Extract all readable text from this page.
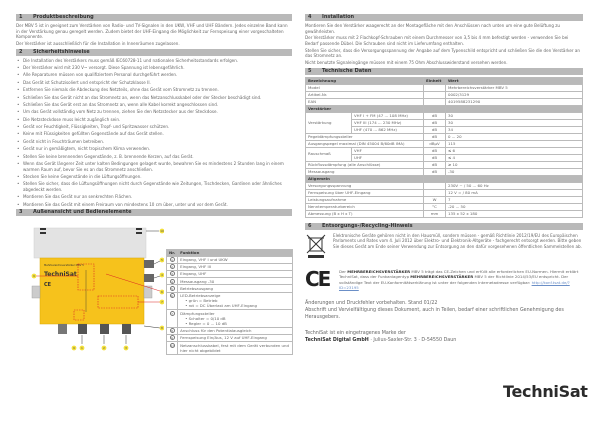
1 Produktbeschreibung

Der MBV 5 ist in geeignet zum Verstärken von Radio- und TV-Signalen in den UKW, VHF und UHF Bändern. Jedes einzelne Band kann in der Verstärkung genau geregelt werden. Zudem bietet der UHF-Eingang die Möglichkeit zur Fernspeisung einer vorgeschalteten Komponente.

Der Verstärker ist ausschließlich für die Installation in Innenräumen zugelassen.

2 Sicherheitshinweise
• Die Installation des Verstärkers muss gemäß IEC60728-11 und nationalen Sicherheitsstandards erfolgen.
• Der Verstärker wird mit 230 V~ versorgt. Diese Spannung ist lebensgefährlich.
• Alle Reparaturen müssen von qualifiziertem Personal durchgeführt werden.
• Das Gerät ist Schutzisoliert und entspricht der Schutzklasse II.
• Entfernen Sie niemals die Abdeckung des Netzteils, ohne das Gerät vom Stromnetz zu trennen.
• Schließen Sie das Gerät nicht an das Stromnetz an, wenn das Netzanschlusskabel oder der Stecker beschädigt sind.
• Schließen Sie das Gerät erst an das Stromnetz an, wenn alle Kabel korrekt angeschlossen sind.
• Um das Gerät vollständig vom Netz zu trennen, ziehen Sie den Netzstecker aus der Steckdose.
• Die Netzsteckdose muss leicht zugänglich sein.
• Gerät vor Feuchtigkeit, Flüssigkeiten, Tropf- und Spritzwasser schützen.
• Keine mit Flüssigkeiten gefüllten Gegenstände auf das Gerät stellen.
• Gerät nicht in Feuchträumen betreiben.
• Gerät nur in gemäßigtem, nicht tropischem Klima verwenden.
• Stellen Sie keine brennenden Gegenstände, z. B. brennende Kerzen, auf das Gerät.
• Wenn das Gerät längerer Zeit unter kalten Bedingungen gelagert wurde, bewahren Sie es mindestens 2 Stunden lang in einem warmen Raum auf, bevor Sie es an das Stromnetz anschließen.
• Stecken Sie keine Gegenstände in die Lüftungsöffnungen.
• Stellen Sie sicher, dass die Lüftungsöffnungen nicht durch Gegenstände wie Zeitungen, Tischdecken, Gardinen oder ähnliches abgedeckt werden.
• Montieren Sie das Gerät nur an senkrechten Flächen.
• Montieren Sie das Gerät mit einem Freiraum von mindestens 10 cm über, unter und vor dem Gerät.
3 Außenansicht und Bedienelemente
Mehrbereichsverstärker MBV 5
TechniSat
CE
10
5
4
6
7
8
9
1	2	3
9
Nr.	Funktion
1	Eingang, VHF I und UKW

2	Eingang, VHF III

3	Eingang, UHF

4	Messausgang -30

5	Betriebsausgang

6	LED-Betriebsanzeige
• grün = Betrieb
• rot = DC Überlast am UHF-Eingang

7	Dämpfungssteller
• Schalter = 0/10 dB
• Regler = 0 ... 10 dB

8	Anschluss für den Potentialausgleich

9	Fernspeisung Ein/Aus, 12 V auf UHF-Eingang

10	Netzanschlusskabel, fest mit dem Gerät verbunden und hier nicht abgebildet
4 Installation

Montieren Sie den Verstärker waagerecht an der Montagefläche mit den Anschlüssen nach unten um eine gute Belüftung zu gewährleisten.

Der Verstärker muss mit 2 Flachkopf-Schrauben mit einem Durchmesser von 3,5 bis 4 mm befestigt werden - verwenden Sie bei Bedarf passende Dübel. Die Schrauben sind nicht im Lieferumfang enthalten.

Stellen Sie sicher, dass die Versorgungsspannung der Angabe auf dem Typenschild entspricht und schließen Sie die den Verstärker an das Stromnetz an.

Nicht benutzte Signaleingänge müssen mit einem 75 Ohm Abschlusswiderstand versehen werden.

5 Technische Daten
Bezeichnung		Einheit	Wert
Model			Mehrbereichsverstärker MBV 5
Artikel-Nr.			0002/3129
EAN			4019588231290
Verstärker			
Verstärkung	VHF I + FM (47 ... 108 MHz)	dB	30
	VHF III (174 ... 230 MHz)	dB	30
	UHF (470 ... 862 MHz)	dB	34
Pegeldämpfungssteller		dB	0 ... 20
Ausgangspegel maximal (DIN 45004 B/60dB IMA)		dBµV	115
Rauschmaß	VHF	dB	≤ 6
	UHF	dB	≤ 4
Rückflussdämpfung (alle Anschlüsse)		dB	≥ 10
Messausgang		dB	-30
Allgemein			
Versorgungsspannung			230V ~ / 50 ... 60 Hz
Fernspeisung über UHF-Eingang			12 V = / 80 mA
Leistungsaufnahme		W	7
Nenntemperaturbereich		°C	-20 ... 50
Abmessung (B x H x T)		mm	135 x 52 x 180
6 Entsorgungs-/Recycling-Hinweis

Elektronische Geräte gehören nicht in den Hausmüll, sondern müssen - gemäß Richtlinie 2012/19/EU des Europäischen Parlaments und Rates vom 4. Juli 2012 über Elektro- und Elektronik-Altgeräte - fachgerecht entsorgt werden. Bitte geben Sie dieses Gerät am Ende seiner Verwendung zur Entsorgung an den dafür vorgesehenen öffentlichen Sammelstellen ab.

CE	Der MEHRBEREICHSVERSTÄRKER MBV 5 trägt das CE-Zeichen und erfüllt alle erforderlichen EU-Normen. Hiermit erklärt TechniSat, dass der Funkanlagentyp MEHRBEREICHSVERSTÄRKER MBV 5 der Richtlinie 2014/53/EU entspricht. Der vollständige Text der EU-Konformitätserklärung ist unter der folgenden Internetadresse verfügbar: http://konf.tsat.de/?ID=23195

Änderungen und Druckfehler vorbehalten. Stand 01/22

Abschrift und Vervielfältigung dieses Dokument, auch in Teilen, bedarf einer schriftlichen Genehmigung des Herausgebers.

TechniSat ist ein eingetragenes Marke der

TechniSat Digital GmbH · Julius-Saxler-Str. 3 · D-54550 Daun

TechniSat
